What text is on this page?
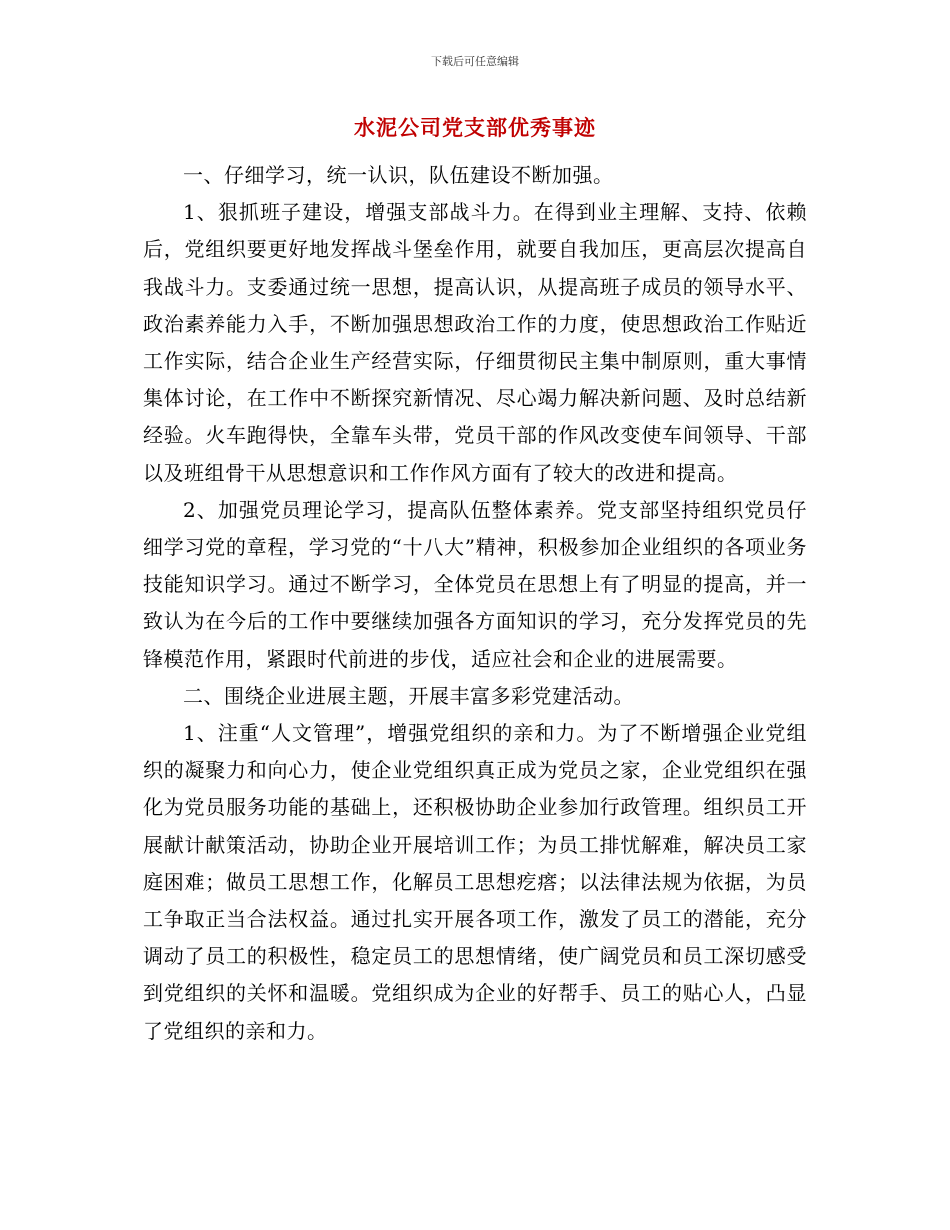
下载后可任意编辑
水泥公司党支部优秀事迹

一、仔细学习，统一认识，队伍建设不断加强。

1、狠抓班子建设，增强支部战斗力。在得到业主理解、支持、依赖后，党组织要更好地发挥战斗堡垒作用，就要自我加压，更高层次提高自我战斗力。支委通过统一思想，提高认识，从提高班子成员的领导水平、政治素养能力入手，不断加强思想政治工作的力度，使思想政治工作贴近工作实际，结合企业生产经营实际，仔细贯彻民主集中制原则，重大事情集体讨论，在工作中不断探究新情况、尽心竭力解决新问题、及时总结新经验。火车跑得快，全靠车头带，党员干部的作风改变使车间领导、干部以及班组骨干从思想意识和工作作风方面有了较大的改进和提高。

2、加强党员理论学习，提高队伍整体素养。党支部坚持组织党员仔细学习党的章程，学习党的“十八大”精神，积极参加企业组织的各项业务技能知识学习。通过不断学习，全体党员在思想上有了明显的提高，并一致认为在今后的工作中要继续加强各方面知识的学习，充分发挥党员的先锋模范作用，紧跟时代前进的步伐，适应社会和企业的进展需要。

二、围绕企业进展主题，开展丰富多彩党建活动。

1、注重“人文管理”，增强党组织的亲和力。为了不断增强企业党组织的凝聚力和向心力，使企业党组织真正成为党员之家，企业党组织在强化为党员服务功能的基础上，还积极协助企业参加行政管理。组织员工开展献计献策活动，协助企业开展培训工作；为员工排忧解难，解决员工家庭困难；做员工思想工作，化解员工思想疙瘩；以法律法规为依据，为员工争取正当合法权益。通过扎实开展各项工作，激发了员工的潜能，充分调动了员工的积极性，稳定员工的思想情绪，使广阔党员和员工深切感受到党组织的关怀和温暖。党组织成为企业的好帮手、员工的贴心人，凸显了党组织的亲和力。
